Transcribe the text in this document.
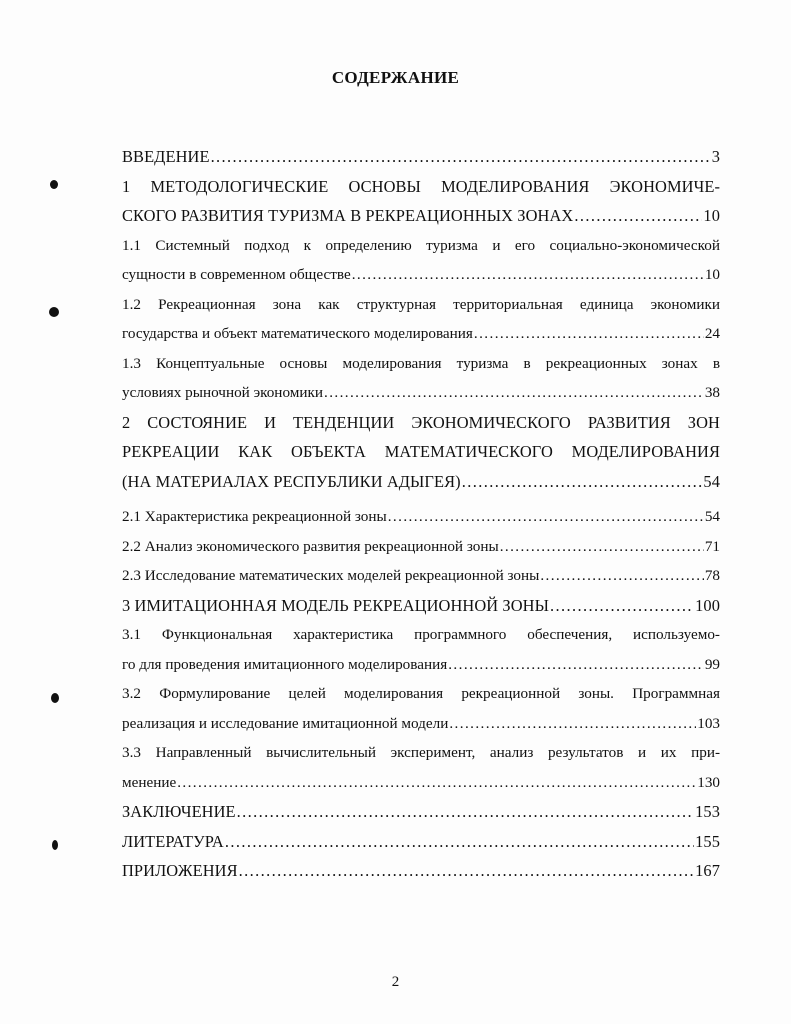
СОДЕРЖАНИЕ
ВВЕДЕНИЕ .....	3
1 МЕТОДОЛОГИЧЕСКИЕ ОСНОВЫ МОДЕЛИРОВАНИЯ ЭКОНОМИЧЕ-
СКОГО РАЗВИТИЯ ТУРИЗМА В РЕКРЕАЦИОННЫХ ЗОНАХ .....	10
1.1 Системный подход к определению туризма и его социально-экономической
сущности в современном обществе .....	10
1.2 Рекреационная зона как структурная территориальная единица экономики
государства и объект математического моделирования .....	24
1.3 Концептуальные основы моделирования туризма в рекреационных зонах в
условиях рыночной экономики .....	38
2 СОСТОЯНИЕ И ТЕНДЕНЦИИ ЭКОНОМИЧЕСКОГО РАЗВИТИЯ ЗОН
РЕКРЕАЦИИ КАК ОБЪЕКТА МАТЕМАТИЧЕСКОГО МОДЕЛИРОВАНИЯ
(НА МАТЕРИАЛАХ РЕСПУБЛИКИ АДЫГЕЯ) .....	54
2.1 Характеристика рекреационной зоны .....	54
2.2 Анализ экономического развития рекреационной зоны .....	71
2.3 Исследование математических моделей рекреационной зоны .....	78
3 ИМИТАЦИОННАЯ МОДЕЛЬ РЕКРЕАЦИОННОЙ ЗОНЫ .....	100
3.1 Функциональная характеристика программного обеспечения, используемо-
го для проведения имитационного моделирования .....	99
3.2 Формулирование целей моделирования рекреационной зоны. Программная
реализация и исследование имитационной модели .....	103
3.3 Направленный вычислительный эксперимент, анализ результатов и их при-
менение .....	130
ЗАКЛЮЧЕНИЕ .....	153
ЛИТЕРАТУРА .....	155
ПРИЛОЖЕНИЯ .....	167
2
